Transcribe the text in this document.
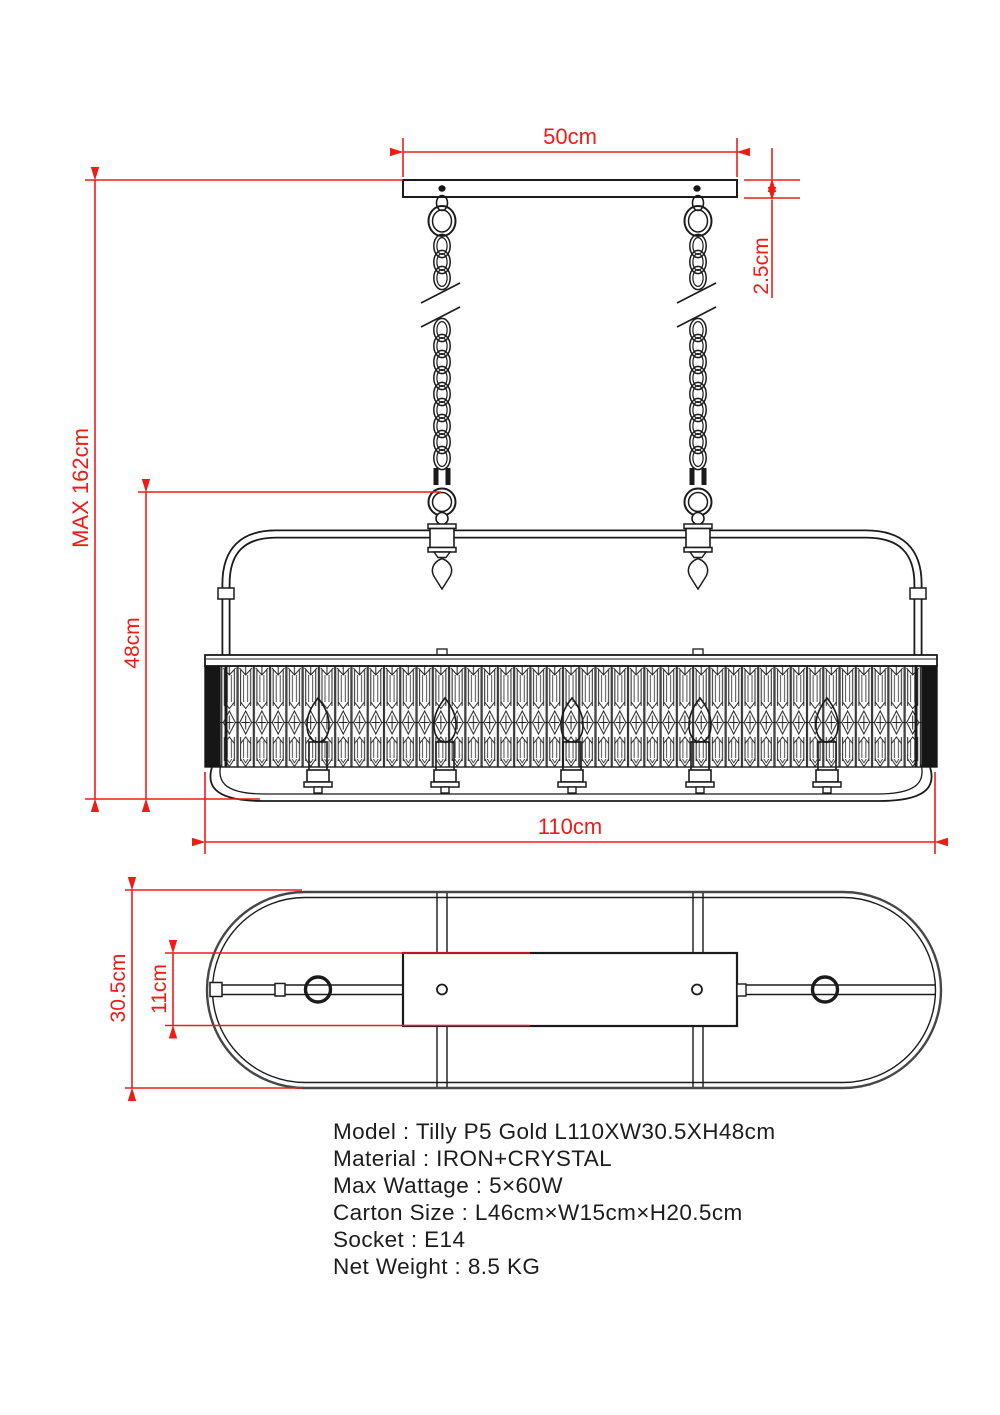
50cm
2.5cm
MAX 162cm
48cm
110cm
30.5cm 11cm
Model : Tilly P5 Gold L110XW30.5XH48cm
Material : IRON+CRYSTAL
Max Wattage : 5×60W
Carton Size : L46cm×W15cm×H20.5cm
Socket : E14
Net Weight : 8.5 KG
